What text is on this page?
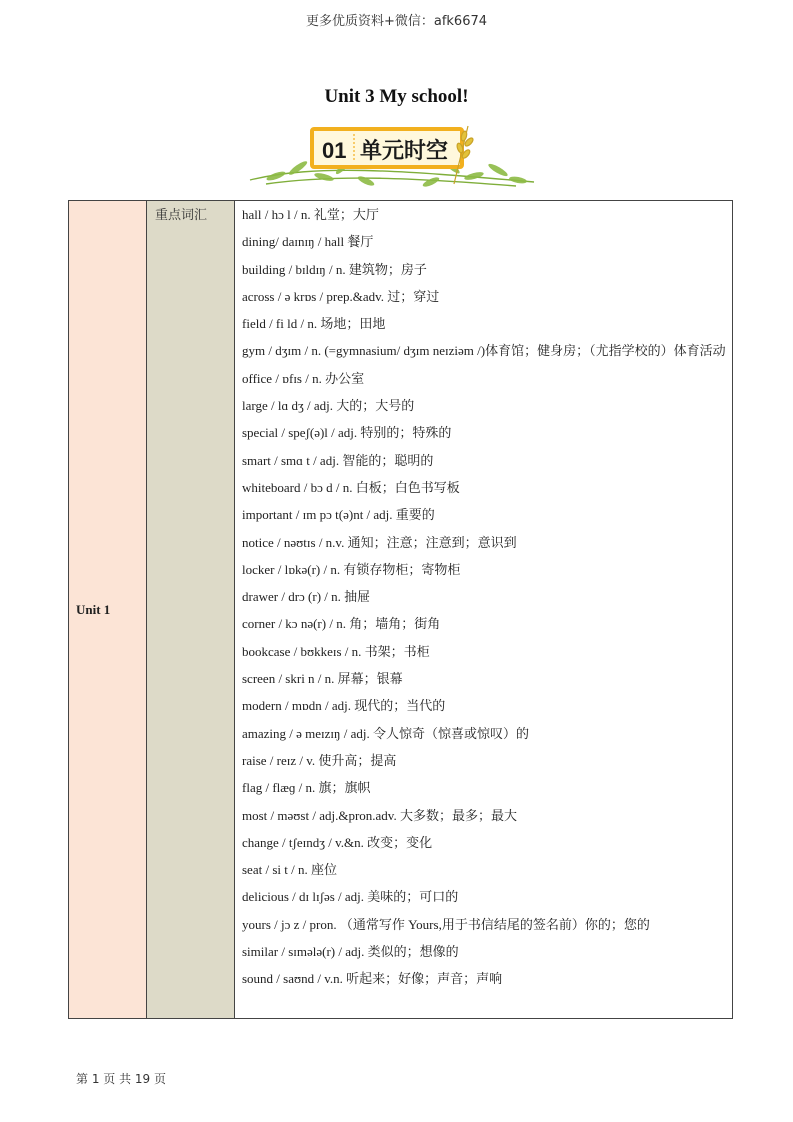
更多优质资料+微信：afk6674
Unit 3 My school!
01 单元时空
Unit 1	重点词汇	hall / hɔ l / n. 礼堂；大厅
dining/ daɪnɪŋ / hall 餐厅
building / bɪldɪŋ / n. 建筑物；房子
across / ə krɒs / prep.&adv. 过；穿过
field / fi ld / n. 场地；田地
gym / dʒɪm / n. (=gymnasium/ dʒɪm neɪziəm /)体育馆；健身房；（尤指学校的）体育活动
office / ɒfɪs / n. 办公室
large / lɑ dʒ / adj. 大的；大号的
special / speʃ(ə)l / adj. 特别的；特殊的
smart / smɑ t / adj. 智能的；聪明的
whiteboard / bɔ d / n. 白板；白色书写板
important / ɪm pɔ t(ə)nt / adj. 重要的
notice / nəʊtɪs / n.v. 通知；注意；注意到；意识到
locker / lɒkə(r) / n. 有锁存物柜；寄物柜
drawer / drɔ (r) / n. 抽屉
corner / kɔ nə(r) / n. 角；墙角；街角
bookcase / bʊkkeɪs / n. 书架；书柜
screen / skri n / n. 屏幕；银幕
modern / mɒdn / adj. 现代的；当代的
amazing / ə meɪzɪŋ / adj. 令人惊奇（惊喜或惊叹）的
raise / reɪz / v. 使升高；提高
flag / flæɡ / n. 旗；旗帜
most / məʊst / adj.&pron.adv. 大多数；最多；最大
change / tʃeɪndʒ / v.&n. 改变；变化
seat / si t / n. 座位
delicious / dɪ lɪʃəs / adj. 美味的；可口的
yours / jɔ z / pron. （通常写作 Yours,用于书信结尾的签名前）你的；您的
similar / sɪmələ(r) / adj. 类似的；想像的
sound / saʊnd / v.n. 听起来；好像；声音；声响
第 1 页 共 19 页
